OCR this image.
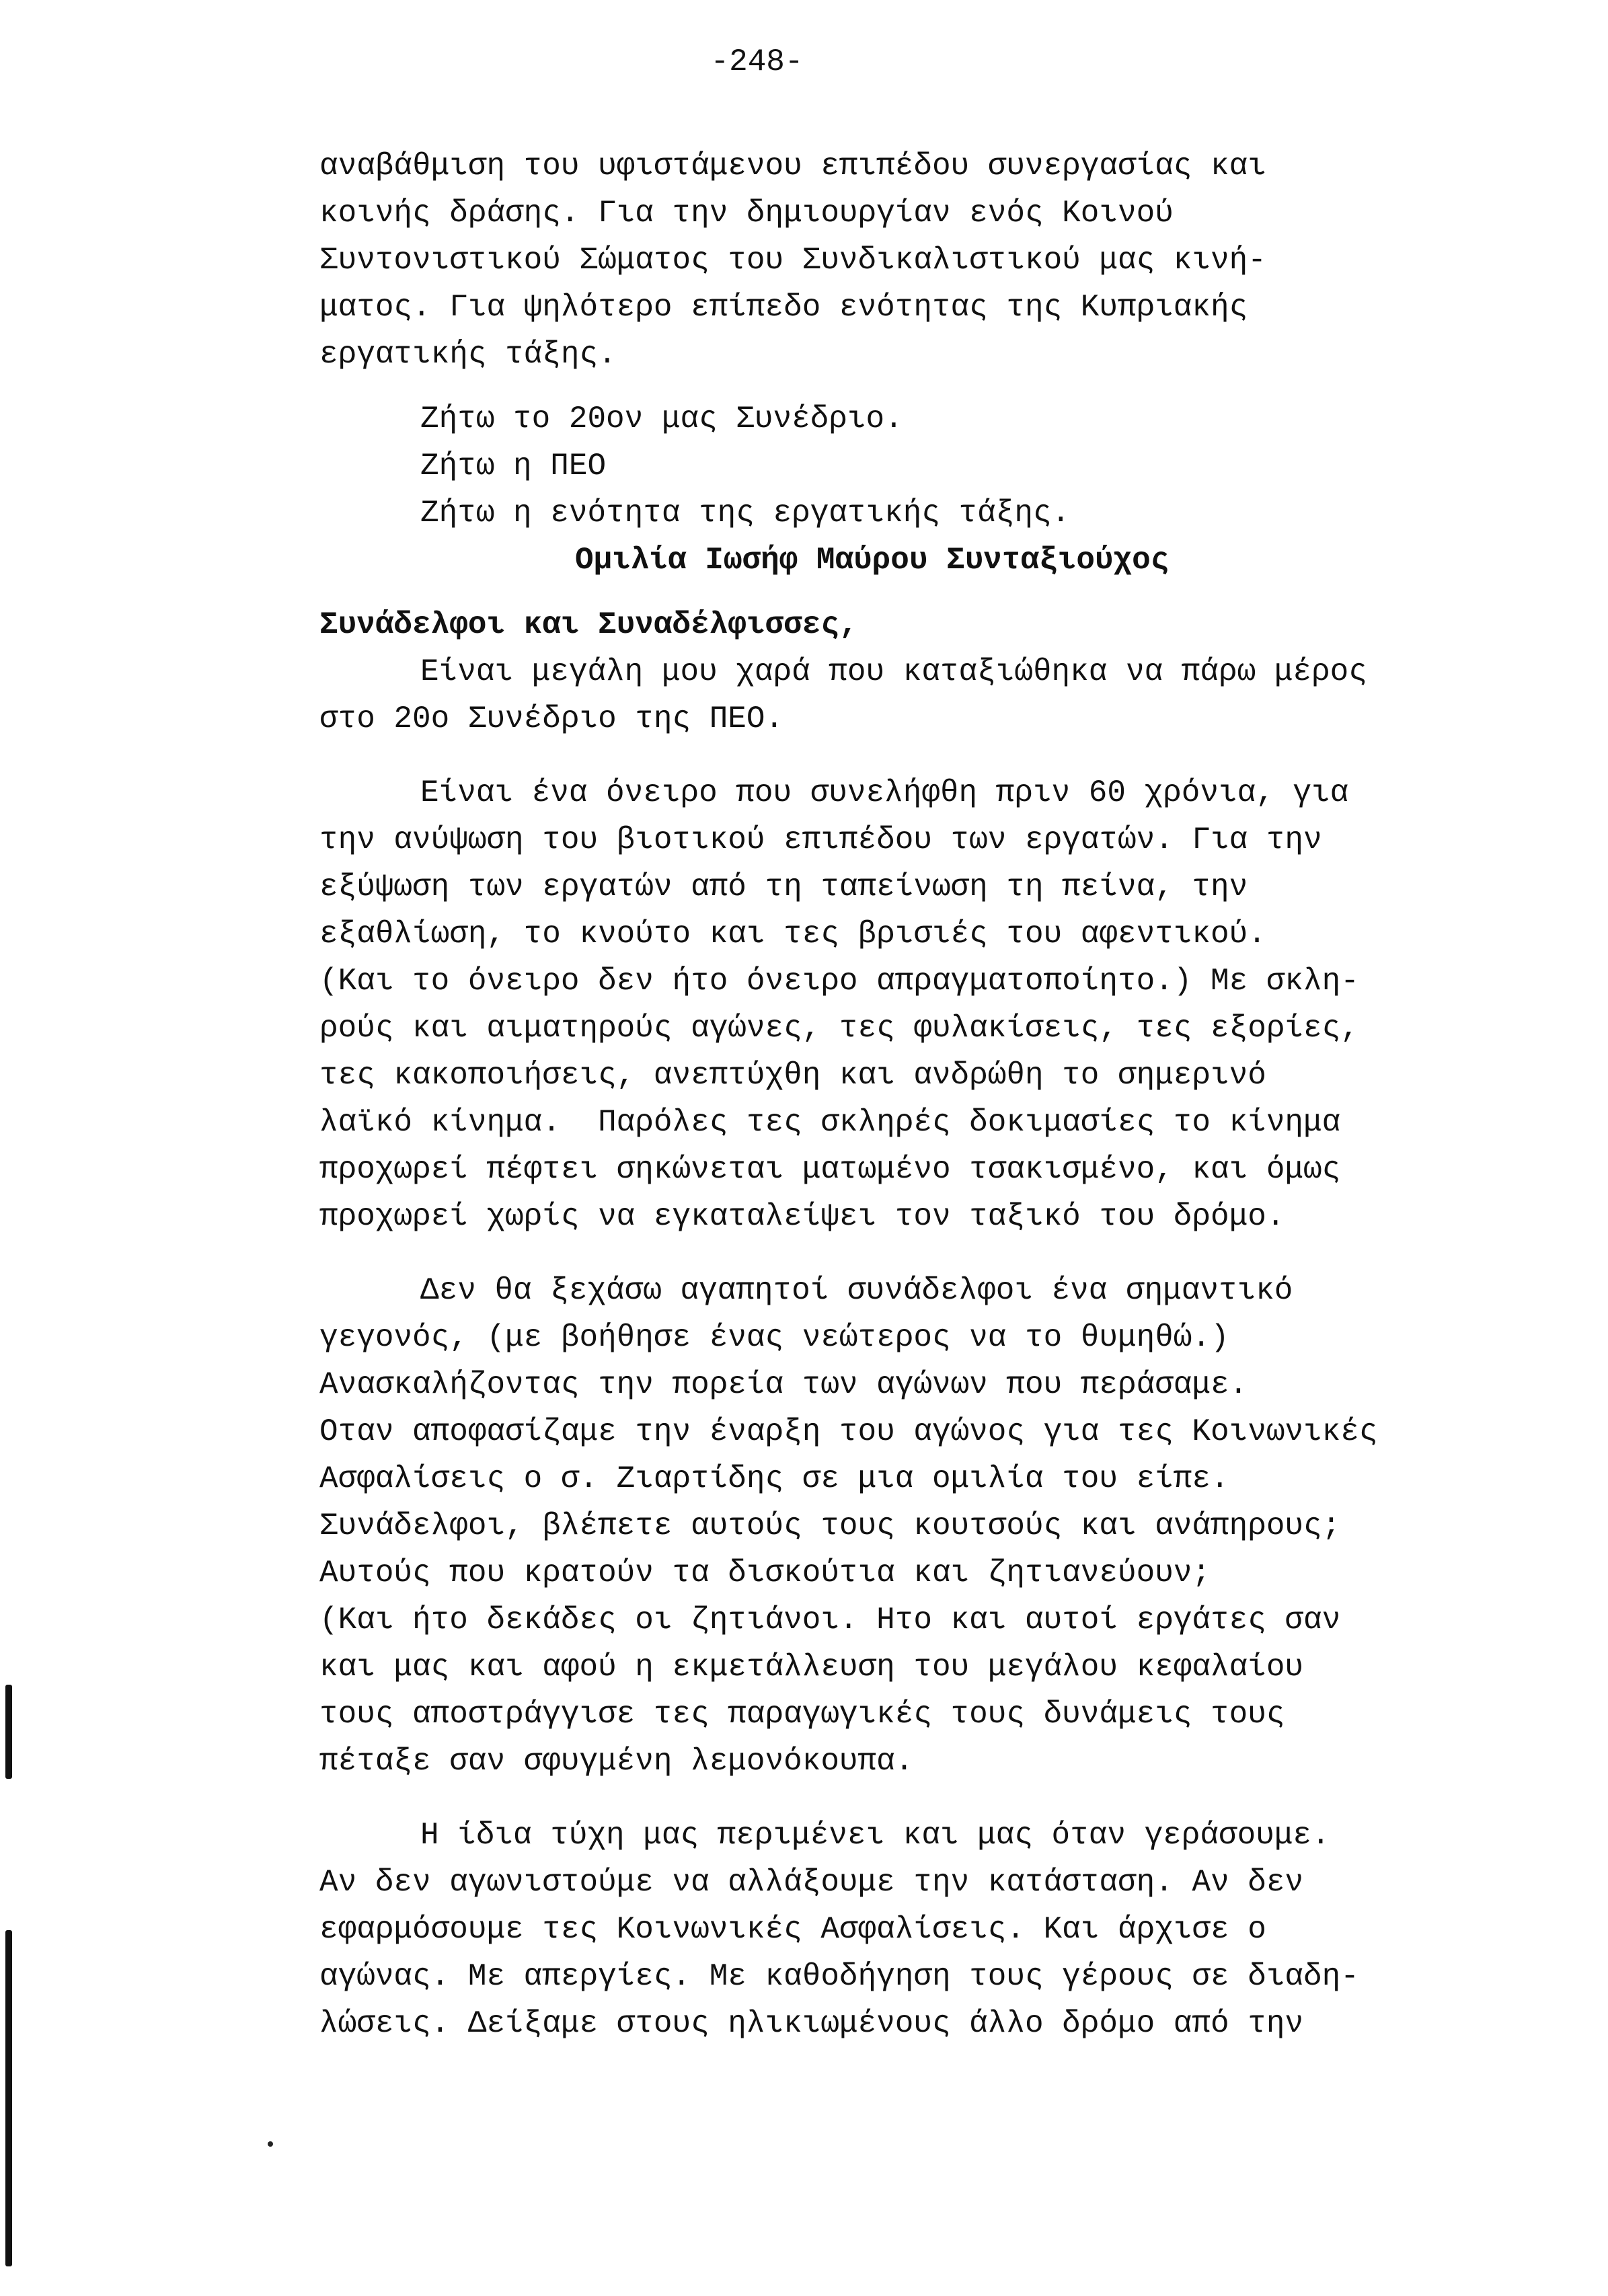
-248-
αναβάθμιση του υφιστάμενου επιπέδου συνεργασίας και
κοινής δράσης. Για την δημιουργίαν ενός Κοινού
Συντονιστικού Σώματος του Συνδικαλιστικού μας κινή-
ματος. Για ψηλότερο επίπεδο ενότητας της Κυπριακής
εργατικής τάξης.
Ζήτω το 20ον μας Συνέδριο.
Ζήτω η ΠΕΟ
Ζήτω η ενότητα της εργατικής τάξης.
Ομιλία Ιωσήφ Μαύρου Συνταξιούχος
Συνάδελφοι και Συναδέλφισσες,
Είναι μεγάλη μου χαρά που καταξιώθηκα να πάρω μέρος
στο 20ο Συνέδριο της ΠΕΟ.
Είναι ένα όνειρο που συνελήφθη πριν 60 χρόνια, για
την ανύψωση του βιοτικού επιπέδου των εργατών. Για την
εξύψωση των εργατών από τη ταπείνωση τη πείνα, την
εξαθλίωση, το κνούτο και τες βρισιές του αφεντικού.
(Και το όνειρο δεν ήτο όνειρο απραγματοποίητο.) Με σκλη-
ρούς και αιματηρούς αγώνες, τες φυλακίσεις, τες εξορίες,
τες κακοποιήσεις, ανεπτύχθη και ανδρώθη το σημερινό
λαϊκό κίνημα.  Παρόλες τες σκληρές δοκιμασίες το κίνημα
προχωρεί πέφτει σηκώνεται ματωμένο τσακισμένο, και όμως
προχωρεί χωρίς να εγκαταλείψει τον ταξικό του δρόμο.
Δεν θα ξεχάσω αγαπητοί συνάδελφοι ένα σημαντικό
γεγονός, (με βοήθησε ένας νεώτερος να το θυμηθώ.)
Ανασκαλήζοντας την πορεία των αγώνων που περάσαμε.
Οταν αποφασίζαμε την έναρξη του αγώνος για τες Κοινωνικές
Ασφαλίσεις ο σ. Ζιαρτίδης σε μια ομιλία του είπε.
Συνάδελφοι, βλέπετε αυτούς τους κουτσούς και ανάπηρους;
Αυτούς που κρατούν τα δισκούτια και ζητιανεύουν;
(Και ήτο δεκάδες οι ζητιάνοι. Ητο και αυτοί εργάτες σαν
και μας και αφού η εκμετάλλευση του μεγάλου κεφαλαίου
τους αποστράγγισε τες παραγωγικές τους δυνάμεις τους
πέταξε σαν σφυγμένη λεμονόκουπα.
Η ίδια τύχη μας περιμένει και μας όταν γεράσουμε.
Αν δεν αγωνιστούμε να αλλάξουμε την κατάσταση. Αν δεν
εφαρμόσουμε τες Κοινωνικές Ασφαλίσεις. Και άρχισε ο
αγώνας. Με απεργίες. Με καθοδήγηση τους γέρους σε διαδη-
λώσεις. Δείξαμε στους ηλικιωμένους άλλο δρόμο από την
